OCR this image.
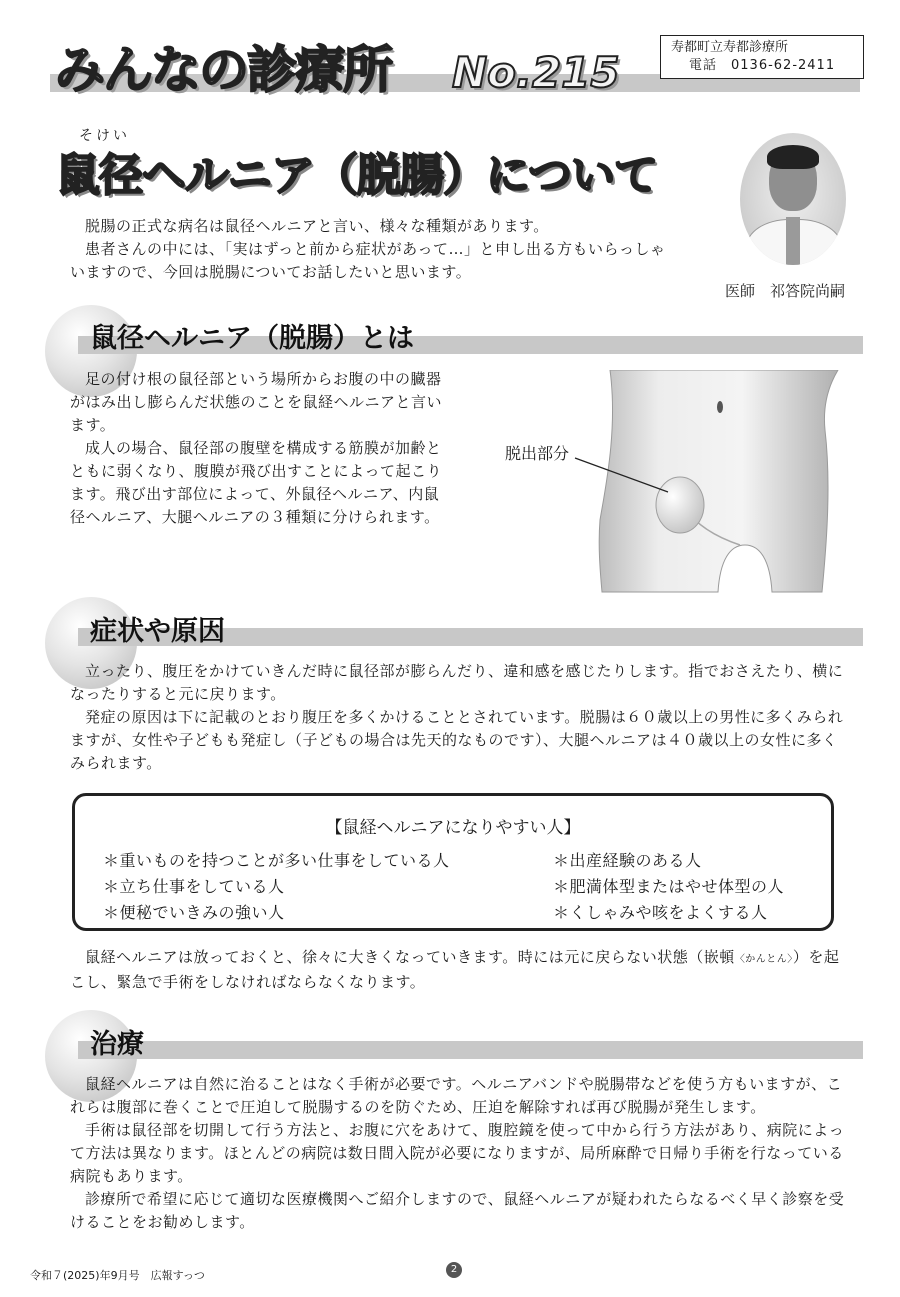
みんなの診療所 No.215
寿都町立寿都診療所
電話　0136-62-2411
そけい
鼠径ヘルニア（脱腸）について
医師　祁答院尚嗣

脱腸の正式な病名は鼠径ヘルニアと言い、様々な種類があります。

患者さんの中には、「実はずっと前から症状があって…」と申し出る方もいらっしゃいますので、今回は脱腸についてお話したいと思います。

鼠径ヘルニア（脱腸）とは

足の付け根の鼠径部という場所からお腹の中の臓器がはみ出し膨らんだ状態のことを鼠経ヘルニアと言います。

成人の場合、鼠径部の腹壁を構成する筋膜が加齢とともに弱くなり、腹膜が飛び出すことによって起こります。飛び出す部位によって、外鼠径ヘルニア、内鼠径ヘルニア、大腿ヘルニアの３種類に分けられます。

脱出部分
症状や原因

立ったり、腹圧をかけていきんだ時に鼠径部が膨らんだり、違和感を感じたりします。指でおさえたり、横になったりすると元に戻ります。

発症の原因は下に記載のとおり腹圧を多くかけることとされています。脱腸は６０歳以上の男性に多くみられますが、女性や子どもも発症し（子どもの場合は先天的なものです）、大腿ヘルニアは４０歳以上の女性に多くみられます。

【鼠経ヘルニアになりやすい人】
＊重いものを持つことが多い仕事をしている人
＊立ち仕事をしている人
＊便秘でいきみの強い人
＊出産経験のある人
＊肥満体型またはやせ体型の人
＊くしゃみや咳をよくする人

鼠経ヘルニアは放っておくと、徐々に大きくなっていきます。時には元に戻らない状態（嵌頓〈かんとん〉）を起こし、緊急で手術をしなければならなくなります。

治療

鼠経ヘルニアは自然に治ることはなく手術が必要です。ヘルニアバンドや脱腸帯などを使う方もいますが、これらは腹部に巻くことで圧迫して脱腸するのを防ぐため、圧迫を解除すれば再び脱腸が発生します。

手術は鼠径部を切開して行う方法と、お腹に穴をあけて、腹腔鏡を使って中から行う方法があり、病院によって方法は異なります。ほとんどの病院は数日間入院が必要になりますが、局所麻酔で日帰り手術を行なっている病院もあります。

診療所で希望に応じて適切な医療機関へご紹介しますので、鼠経ヘルニアが疑われたらなるべく早く診察を受けることをお勧めします。

令和７(2025)年9月号　広報すっつ	2
